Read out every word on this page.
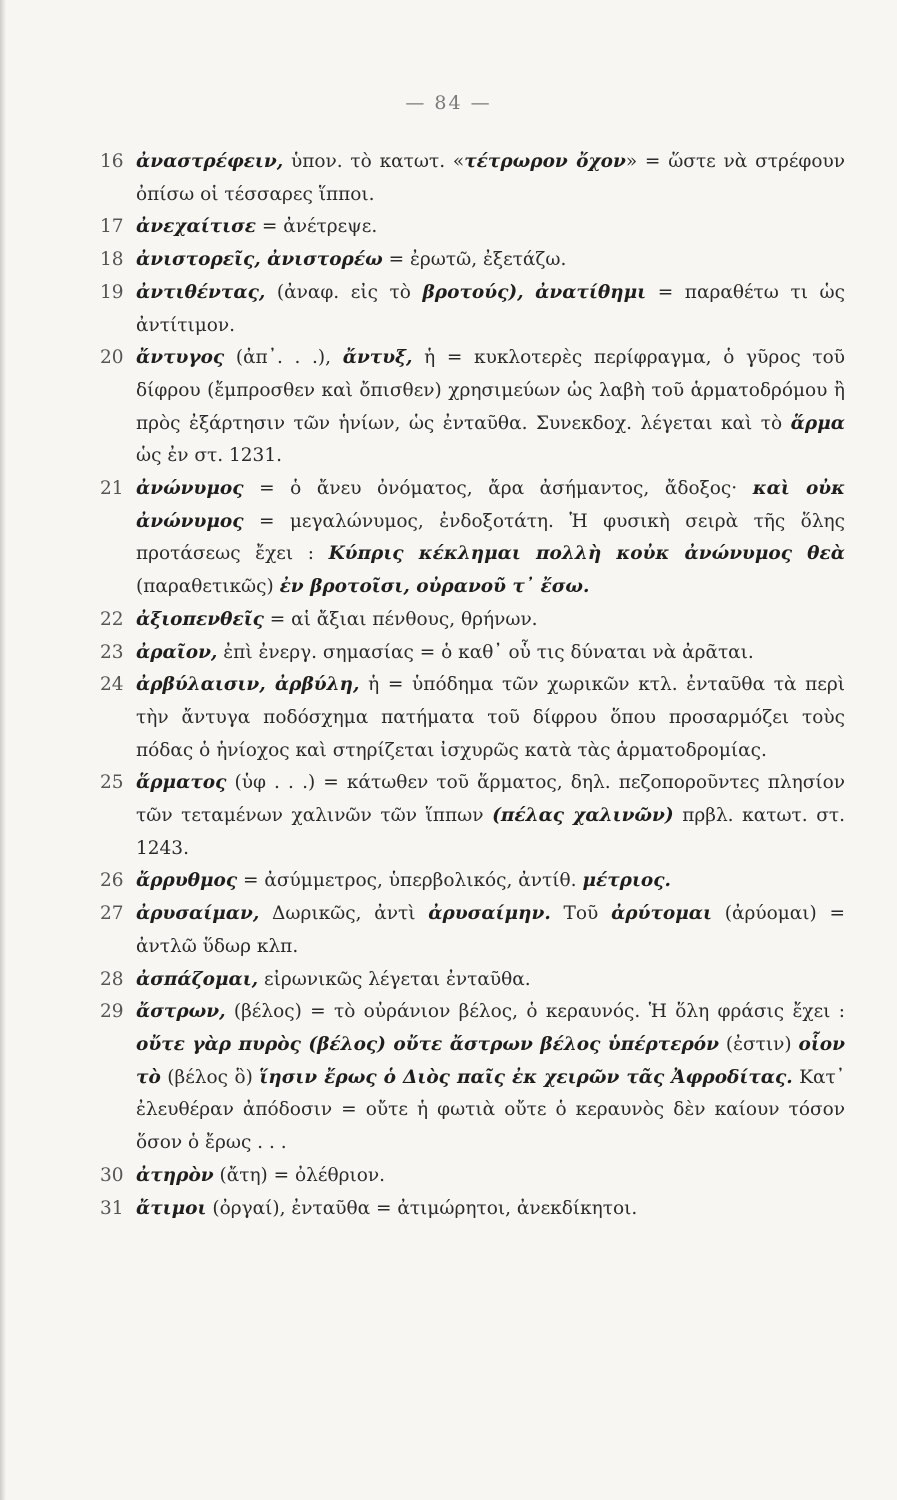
— 84 —
16 ἀναστρέφειν, ὑπον. τὸ κατωτ. «τέτρωρον ὄχον» = ὥστε νὰ στρέφουν ὀπίσω οἱ τέσσαρες ἵπποι.
17 ἀνεχαίτισε = ἀνέτρεψε.
18 ἀνιστορεῖς, ἀνιστορέω = ἐρωτῶ, ἐξετάζω.
19 ἀντιθέντας, (ἀναφ. εἰς τὸ βροτούς), ἀνατίθημι = παραθέτω τι ὡς ἀντίτιμον.
20 ἄντυγος (ἀπ᾽. . .), ἄντυξ, ἡ = κυκλοτερὲς περίφραγμα, ὁ γῦρος τοῦ δίφρου (ἔμπροσθεν καὶ ὄπισθεν) χρησιμεύων ὡς λαβὴ τοῦ ἁρματοδρόμου ἢ πρὸς ἐξάρτησιν τῶν ἡνίων, ὡς ἐνταῦθα. Συνεκδοχ. λέγεται καὶ τὸ ἅρμα ὡς ἐν στ. 1231.
21 ἀνώνυμος = ὁ ἄνευ ὀνόματος, ἄρα ἀσήμαντος, ἄδοξος· καὶ οὐκ ἀνώνυμος = μεγαλώνυμος, ἐνδοξοτάτη. Ἡ φυσικὴ σειρὰ τῆς ὅλης προτάσεως ἔχει : Κύπρις κέκλημαι πολλὴ κοὐκ ἀνώνυμος θεὰ (παραθετικῶς) ἐν βροτοῖσι, οὐρανοῦ τ᾽ ἔσω.
22 ἀξιοπενθεῖς = αἱ ἄξιαι πένθους, θρήνων.
23 ἀραῖον, ἐπὶ ἐνεργ. σημασίας = ὁ καθ᾽ οὗ τις δύναται νὰ ἀρᾶται.
24 ἀρβύλαισιν, ἀρβύλη, ἡ = ὑπόδημα τῶν χωρικῶν κτλ. ἐνταῦθα τὰ περὶ τὴν ἄντυγα ποδόσχημα πατήματα τοῦ δίφρου ὅπου προσαρμόζει τοὺς πόδας ὁ ἡνίοχος καὶ στηρίζεται ἰσχυρῶς κατὰ τὰς ἁρματοδρομίας.
25 ἅρματος (ὑφ . . .) = κάτωθεν τοῦ ἅρματος, δηλ. πεζοποροῦντες πλησίον τῶν τεταμένων χαλινῶν τῶν ἵππων (πέλας χαλινῶν) πρβλ. κατωτ. στ. 1243.
26 ἄρρυθμος = ἀσύμμετρος, ὑπερβολικός, ἀντίθ. μέτριος.
27 ἀρυσαίμαν, Δωρικῶς, ἀντὶ ἀρυσαίμην. Τοῦ ἀρύτομαι (ἀρύομαι) = ἀντλῶ ὕδωρ κλπ.
28 ἀσπάζομαι, εἰρωνικῶς λέγεται ἐνταῦθα.
29 ἄστρων, (βέλος) = τὸ οὐράνιον βέλος, ὁ κεραυνός. Ἡ ὅλη φράσις ἔχει : οὔτε γὰρ πυρὸς (βέλος) οὔτε ἄστρων βέλος ὑπέρτερόν (ἐστιν) οἷον τὸ (βέλος ὃ) ἵησιν ἔρως ὁ Διὸς παῖς ἐκ χειρῶν τᾶς Ἀφροδίτας. Κατ᾽ ἐλευθέραν ἀπόδοσιν = οὔτε ἡ φωτιὰ οὔτε ὁ κεραυνὸς δὲν καίουν τόσον ὅσον ὁ ἔρως . . .
30 ἀτηρὸν (ἄτη) = ὀλέθριον.
31 ἄτιμοι (ὀργαί), ἐνταῦθα = ἀτιμώρητοι, ἀνεκδίκητοι.
